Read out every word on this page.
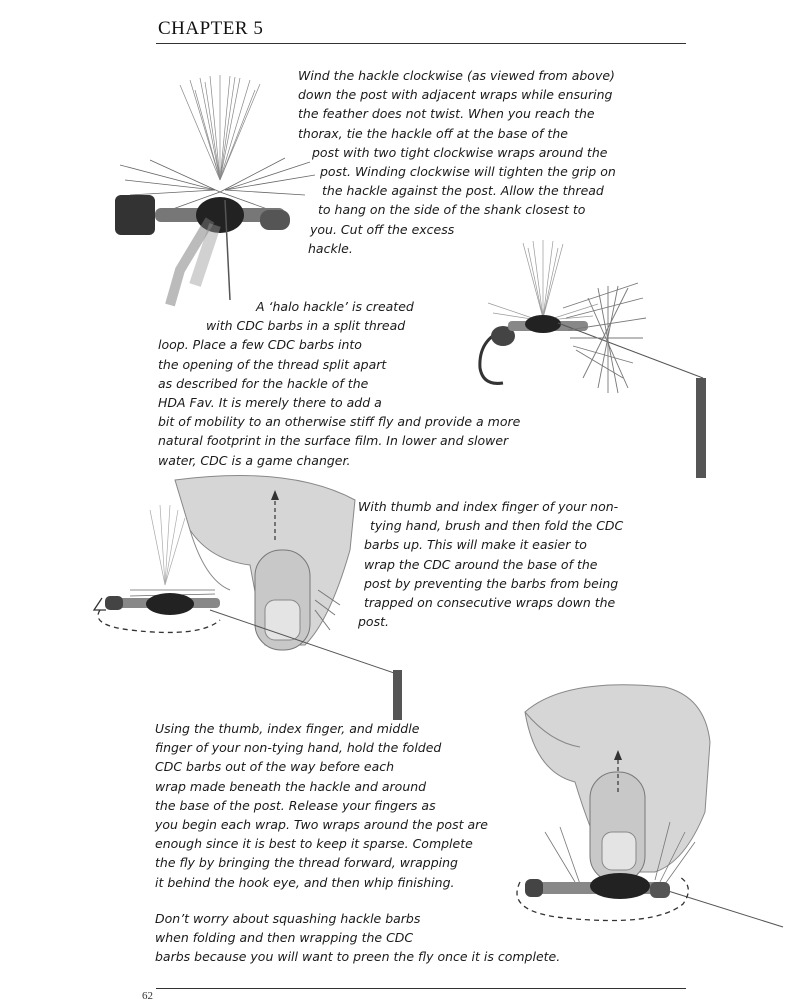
CHAPTER 5

Wind the hackle clockwise (as viewed from above)
down the post with adjacent wraps while ensuring
the feather does not twist. When you reach the
thorax, tie the hackle off at the base of the
post with two tight clockwise wraps around the
post. Winding clockwise will tighten the grip on
the hackle against the post. Allow the thread
to hang on the side of the shank closest to
you. Cut off the excess
hackle.

A ‘halo hackle’ is created
with CDC barbs in a split thread
loop. Place a few CDC barbs into
the opening of the thread split apart
as described for the hackle of the
HDA Fav. It is merely there to add a
bit of mobility to an otherwise stiff fly and provide a more
natural footprint in the surface film. In lower and slower
water, CDC is a game changer.

With thumb and index finger of your non-
tying hand, brush and then fold the CDC
barbs up. This will make it easier to
wrap the CDC around the base of the
post by preventing the barbs from being
trapped on consecutive wraps down the
post.

Using the thumb, index finger, and middle
finger of your non-tying hand, hold the folded
CDC barbs out of the way before each
wrap made beneath the hackle and around
the base of the post. Release your fingers as
you begin each wrap. Two wraps around the post are
enough since it is best to keep it sparse. Complete
the fly by bringing the thread forward, wrapping
it behind the hook eye, and then whip finishing.

Don’t worry about squashing hackle barbs
when folding and then wrapping the CDC
barbs because you will want to preen the fly once it is complete.

62
